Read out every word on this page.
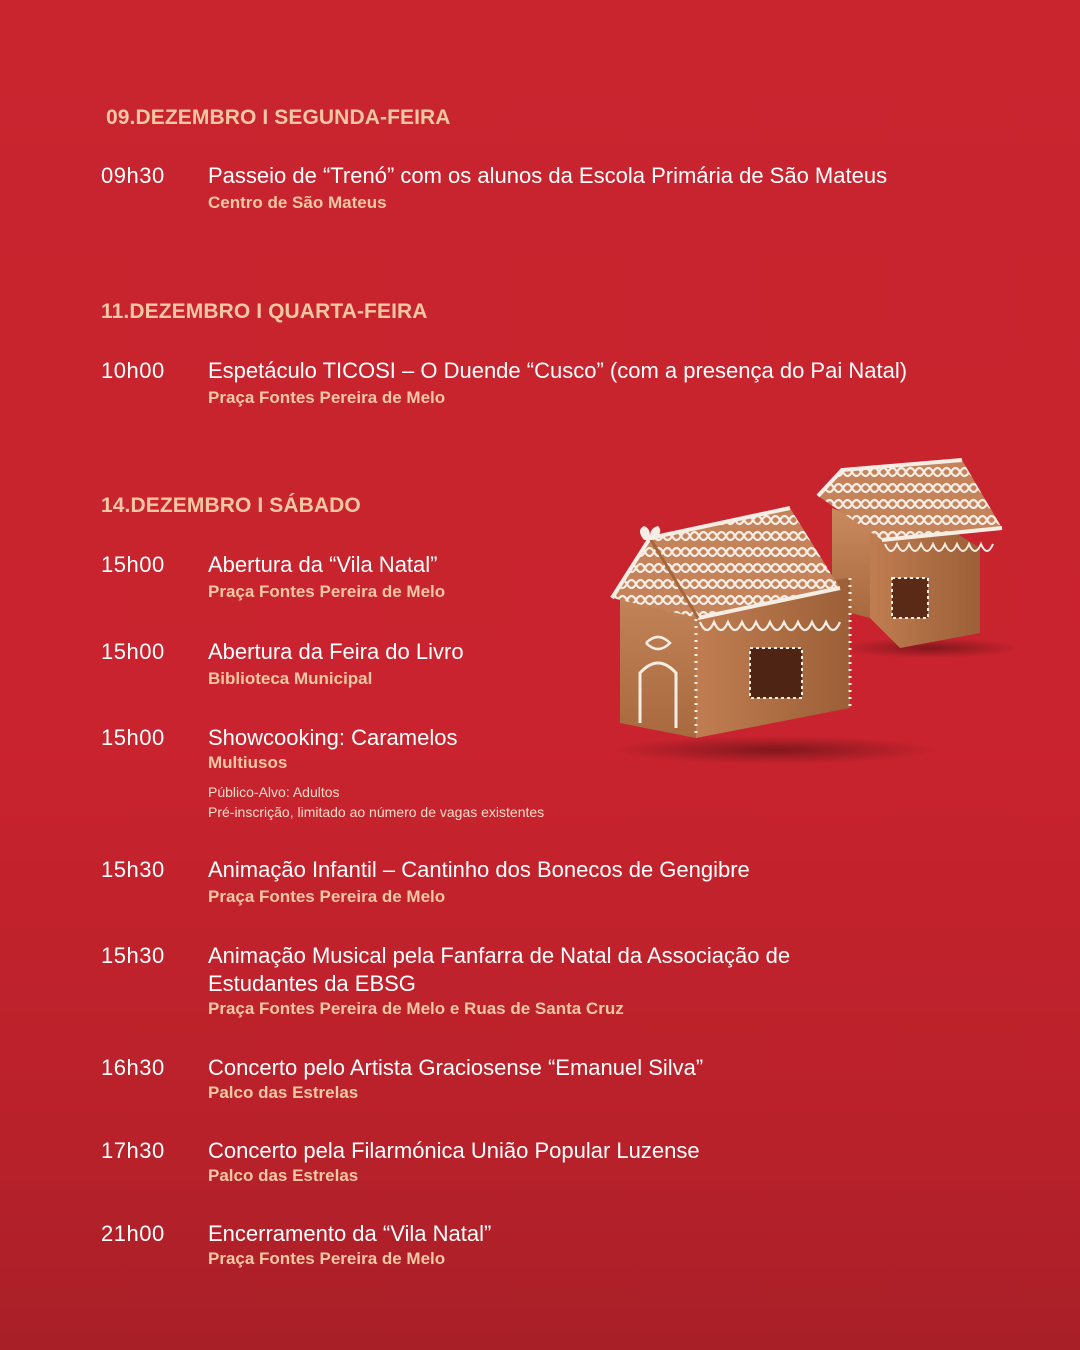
09.DEZEMBRO I SEGUNDA-FEIRA
09h30 Passeio de “Trenó” com os alunos da Escola Primária de São Mateus

Centro de São Mateus

11.DEZEMBRO I QUARTA-FEIRA
10h00 Espetáculo TICOSI – O Duende “Cusco” (com a presença do Pai Natal)

Praça Fontes Pereira de Melo

14.DEZEMBRO I SÁBADO
15h00 Abertura da “Vila Natal”

Praça Fontes Pereira de Melo

15h00 Abertura da Feira do Livro

Biblioteca Municipal

15h00 Showcooking: Caramelos

Multiusos

Público-Alvo: Adultos

Pré-inscrição, limitado ao número de vagas existentes

15h30 Animação Infantil – Cantinho dos Bonecos de Gengibre

Praça Fontes Pereira de Melo

15h30 Animação Musical pela Fanfarra de Natal da Associação de

Estudantes da EBSG

Praça Fontes Pereira de Melo e Ruas de Santa Cruz

16h30 Concerto pelo Artista Graciosense “Emanuel Silva”

Palco das Estrelas

17h30 Concerto pela Filarmónica União Popular Luzense

Palco das Estrelas

21h00 Encerramento da “Vila Natal”

Praça Fontes Pereira de Melo
